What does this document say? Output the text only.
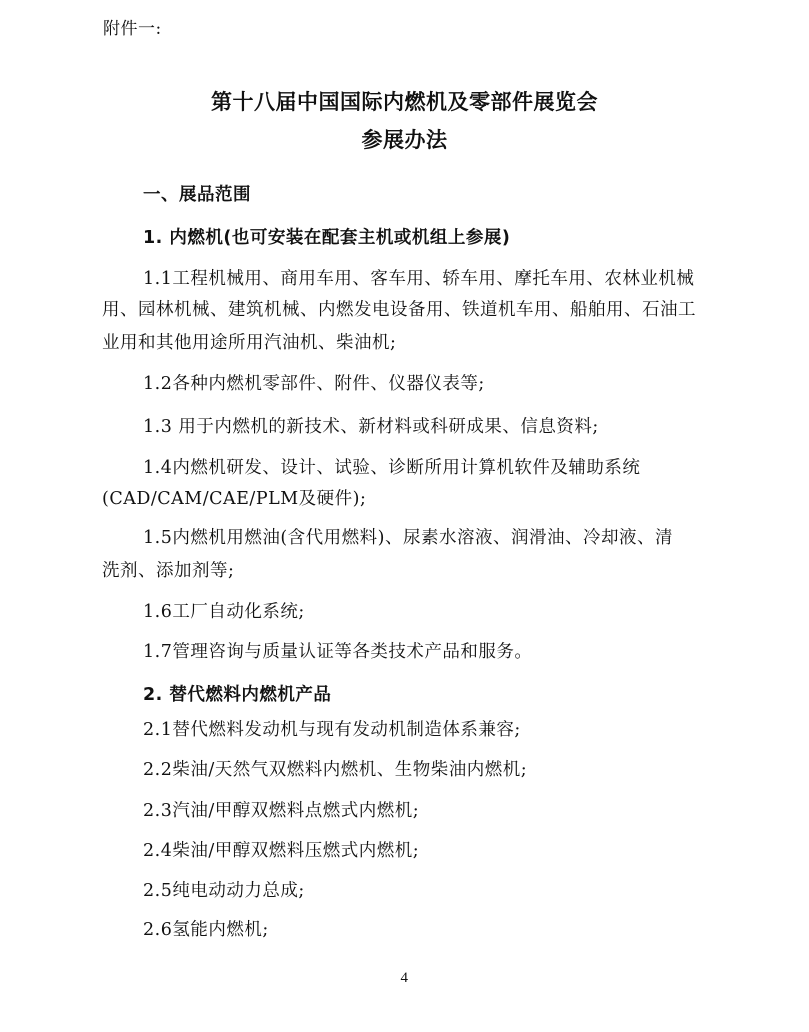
附件一:
第十八届中国国际内燃机及零部件展览会
参展办法
一、展品范围
1. 内燃机(也可安装在配套主机或机组上参展)
1.1工程机械用、商用车用、客车用、轿车用、摩托车用、农林业机械
用、园林机械、建筑机械、内燃发电设备用、铁道机车用、船舶用、石油工
业用和其他用途所用汽油机、柴油机;
1.2各种内燃机零部件、附件、仪器仪表等;
1.3 用于内燃机的新技术、新材料或科研成果、信息资料;
1.4内燃机研发、设计、试验、诊断所用计算机软件及辅助系统
(CAD/CAM/CAE/PLM及硬件);
1.5内燃机用燃油(含代用燃料)、尿素水溶液、润滑油、冷却液、清
洗剂、添加剂等;
1.6工厂自动化系统;
1.7管理咨询与质量认证等各类技术产品和服务。
2. 替代燃料内燃机产品
2.1替代燃料发动机与现有发动机制造体系兼容;
2.2柴油/天然气双燃料内燃机、生物柴油内燃机;
2.3汽油/甲醇双燃料点燃式内燃机;
2.4柴油/甲醇双燃料压燃式内燃机;
2.5纯电动动力总成;
2.6氢能内燃机;
4
